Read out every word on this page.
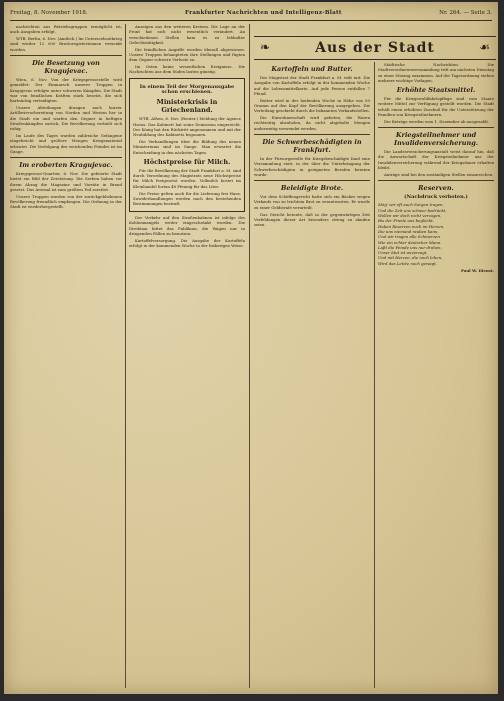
Freitag, 8. November 1918.	Frankfurter Nachrichten und Intelligenz-Blatt	Nr. 264. — Seite 3.

nachrichten aus Betriebsgruppen ermöglicht ist, auch Ausgaben erfolgt.

WTB. Berlin, 6. Nov. (Amtlich.) Im Unterseebootkrieg sind wieder 12 000 Bruttoregistertonnen versenkt worden.

Die Besetzung von Kragujevac.

Wien, 6. Nov. Von der Kriegspressestelle wird gemeldet: Der Einmarsch unserer Truppen in Kragujevac erfolgte unter schweren Kämpfen. Die Stadt war von feindlichen Kräften stark besetzt, die sich hartnäckig verteidigten.

Unsere Abteilungen drangen nach kurzer Artillerievorbereitung von Norden und Westen her in die Stadt ein und warfen den Gegner in heftigen Straßenkämpfen zurück. Die Bevölkerung verhielt sich ruhig.

Im Laufe des Tages wurden zahlreiche Gefangene eingebracht und größere Mengen Kriegsmaterial erbeutet. Die Verfolgung des weichenden Feindes ist im Gange.

Im eroberten Kragujevac.

Kriegspresse-Quartier, 6. Nov. Die gefeierte Stadt bietet ein Bild der Zerstörung. Die Serben haben vor ihrem Abzug die Magazine und Vorräte in Brand gesetzt. Das Arsenal ist zum größten Teil zerstört.

Unsere Truppen wurden von der zurückgebliebenen Bevölkerung freundlich empfangen. Die Ordnung in der Stadt ist wiederhergestellt.

Anzeigen aus den weiteren Kreisen. Die Lage an der Front hat sich nicht wesentlich verändert. An verschiedenen Stellen kam es zu lebhafter Gefechtstätigkeit.

Die feindlichen Angriffe wurden überall abgewiesen. Unsere Truppen behaupteten ihre Stellungen und fügten dem Gegner schwere Verluste zu.

Im Osten keine wesentlichen Ereignisse. Die Nachrichten aus dem Süden lauten günstig.

In einem Teil der Morgenausgabe schon erschienen.
Ministerkrisis in Griechenland.

WTB. Athen, 6. Nov. (Reuter.) Meldung der Agence Havas: Das Kabinett hat seine Demission eingereicht. Der König hat den Rücktritt angenommen und mit der Neubildung des Kabinetts begonnen.

Die Verhandlungen über die Bildung des neuen Ministeriums sind im Gange. Man erwartet die Entscheidung in den nächsten Tagen.

Höchstpreise für Milch.

Für die Bevölkerung der Stadt Frankfurt a. M. sind durch Verordnung des Magistrats neue Höchstpreise für Milch festgesetzt worden. Vollmilch kostet im Kleinhandel fortan 48 Pfennig für das Liter.

Die Preise gelten auch für die Lieferung frei Haus. Zuwiderhandlungen werden nach den bestehenden Bestimmungen bestraft.

Der Verkehr auf den Straßenbahnen ist infolge des Kohlenmangels weiter eingeschränkt worden. Die Direktion bittet das Publikum, die Wagen nur in dringenden Fällen zu benutzen.

Kartoffelversorgung. Die Ausgabe der Kartoffeln erfolgt in der kommenden Woche in der bisherigen Weise.

❧	Aus der Stadt	☙
Kartoffeln und Butter.

Der Magistrat der Stadt Frankfurt a. M. teilt mit: Die Ausgabe von Kartoffeln erfolgt in der kommenden Woche auf die Lebensmittelkarte. Auf jede Person entfallen 7 Pfund.

Butter wird in der laufenden Woche in Höhe von 50 Gramm auf den Kopf der Bevölkerung ausgegeben. Die Verteilung geschieht durch die bekannten Verkaufsstellen.

Die Einwohnerschaft wird gebeten, die Waren rechtzeitig abzuholen, da nicht abgeholte Mengen anderweitig verwendet werden.

Die Schwerbeschädigten in Frankfurt.

In der Fürsorgestelle für Kriegsbeschädigte fand eine Versammlung statt, in der über die Unterbringung der Schwerbeschädigten in geeigneten Berufen beraten wurde.

Beleidigte Brote.

Vor dem Schöffengericht hatte sich ein Bäcker wegen Verkaufs von zu leichtem Brot zu verantworten. Er wurde zu einer Geldstrafe verurteilt.

Das Gericht betonte, daß in der gegenwärtigen Zeit Verfehlungen dieser Art besonders streng zu ahnden seien.

Städtische Nachrichten. Die Stadtverordnetenversammlung tritt am nächsten Dienstag zu einer Sitzung zusammen. Auf der Tagesordnung stehen mehrere wichtige Vorlagen.

Erhöhte Staatsmittel.

Für die Kriegswohlfahrtspflege sind vom Staate weitere Mittel zur Verfügung gestellt worden. Die Stadt erhält einen erhöhten Zuschuß für die Unterstützung der Familien von Kriegsteilnehmern.

Die Beträge werden vom 1. Dezember ab ausgezahlt.

Kriegsteilnehmer und Invalidenversicherung.

Die Landesversicherungsanstalt weist darauf hin, daß die Anwartschaft der Kriegsteilnehmer aus der Invalidenversicherung während der Kriegsdauer erhalten bleibt.

Anträge sind bei den zuständigen Stellen einzureichen.

Reserven.
(Nachdruck verboten.)

Mög' wir oft auch Sorgen tragen,

Und die Zeit uns schwer bedrückt,

Wollen wir doch nicht verzagen,

Bis der Friede uns beglückt.

Haben Reserven noch im Herzen,

Die uns niemand rauben kann,

Und wir tragen alle Schmerzen

Wie ein echter deutscher Mann.

Laßt die Feinde uns nur drohen,

Unser Mut ist unverzagt,

Und mit Herzen, die noch lohen,

Wird das Letzte noch gewagt.

Paul W. Dienst.
